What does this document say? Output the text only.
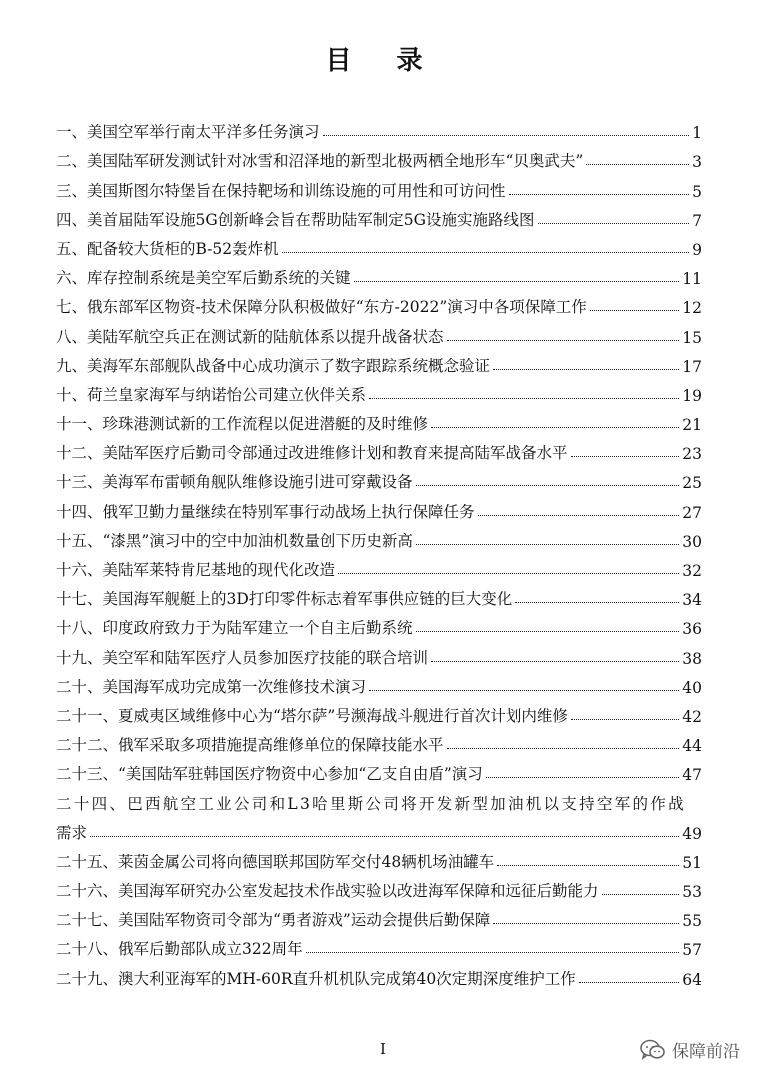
目 录
一、美国空军举行南太平洋多任务演习	1
二、美国陆军研发测试针对冰雪和沼泽地的新型北极两栖全地形车“贝奥武夫”	3
三、美国斯图尔特堡旨在保持靶场和训练设施的可用性和可访问性	5
四、美首届陆军设施5G创新峰会旨在帮助陆军制定5G设施实施路线图	7
五、配备较大货柜的B-52轰炸机	9
六、库存控制系统是美空军后勤系统的关键	11
七、俄东部军区物资-技术保障分队积极做好“东方-2022”演习中各项保障工作	12
八、美陆军航空兵正在测试新的陆航体系以提升战备状态	15
九、美海军东部舰队战备中心成功演示了数字跟踪系统概念验证	17
十、荷兰皇家海军与纳诺怡公司建立伙伴关系	19
十一、珍珠港测试新的工作流程以促进潜艇的及时维修	21
十二、美陆军医疗后勤司令部通过改进维修计划和教育来提高陆军战备水平	23
十三、美海军布雷顿角舰队维修设施引进可穿戴设备	25
十四、俄军卫勤力量继续在特别军事行动战场上执行保障任务	27
十五、“漆黑”演习中的空中加油机数量创下历史新高	30
十六、美陆军莱特肯尼基地的现代化改造	32
十七、美国海军舰艇上的3D打印零件标志着军事供应链的巨大变化	34
十八、印度政府致力于为陆军建立一个自主后勤系统	36
十九、美空军和陆军医疗人员参加医疗技能的联合培训	38
二十、美国海军成功完成第一次维修技术演习	40
二十一、夏威夷区域维修中心为“塔尔萨”号濒海战斗舰进行首次计划内维修	42
二十二、俄军采取多项措施提高维修单位的保障技能水平	44
二十三、“美国陆军驻韩国医疗物资中心参加“乙支自由盾”演习	47
二十四、巴西航空工业公司和L3哈里斯公司将开发新型加油机以支持空军的作战
需求	49
二十五、莱茵金属公司将向德国联邦国防军交付48辆机场油罐车	51
二十六、美国海军研究办公室发起技术作战实验以改进海军保障和远征后勤能力	53
二十七、美国陆军物资司令部为“勇者游戏”运动会提供后勤保障	55
二十八、俄军后勤部队成立322周年	57
二十九、澳大利亚海军的MH-60R直升机机队完成第40次定期深度维护工作	64
I	保障前沿
